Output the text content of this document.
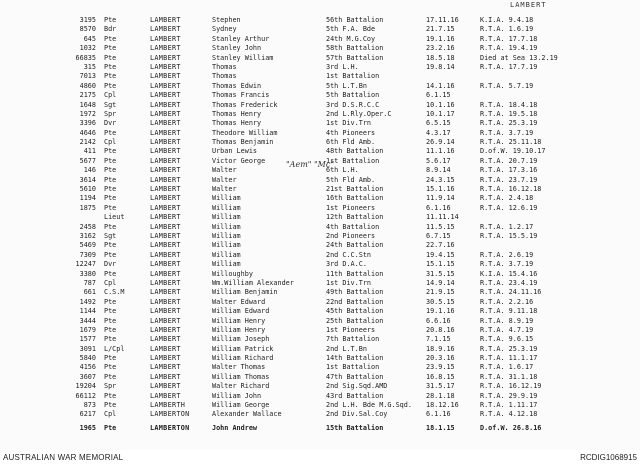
LAMBERT
3195 Pte	LAMBERT	Stephen	56th Battalion	17.11.16	K.I.A. 9.4.18
8570 Bdr	LAMBERT	Sydney	5th F.A. Bde	21.7.15	R.T.A. 1.6.19
645 Pte	LAMBERT	Stanley Arthur	24th M.G.Coy	19.1.16	R.T.A. 17.7.18
1032 Pte	LAMBERT	Stanley John	58th Battalion	23.2.16	R.T.A. 19.4.19
66835 Pte	LAMBERT	Stanley William	57th Battalion	18.5.18	Died at Sea 13.2.19
315 Pte	LAMBERT	Thomas	3rd L.H.	19.8.14	R.T.A. 17.7.19
7013 Pte	LAMBERT	Thomas	1st Battalion
4860 Pte	LAMBERT	Thomas Edwin	5th L.T.Bn	14.1.16	R.T.A. 5.7.19
2175 Cpl	LAMBERT	Thomas Francis	5th Battalion	6.1.15
1648 Sgt	LAMBERT	Thomas Frederick	3rd D.S.R.C.C	10.1.16	R.T.A. 18.4.18
1972 Spr	LAMBERT	Thomas Henry	2nd L.Rly.Oper.C	10.1.17	R.T.A. 19.5.18
3396 Dvr	LAMBERT	Thomas Henry	1st Div.Trn	6.5.15	R.T.A. 25.3.19
4646 Pte	LAMBERT	Theodore William	4th Pioneers	4.3.17	R.T.A. 3.7.19
2142 Cpl	LAMBERT	Thomas Benjamin	6th Fld Amb.	26.9.14	R.T.A. 25.11.18
411 Pte	LAMBERT	Urban Lewis	48th Battalion	11.1.16	D.of.W. 19.10.17
5677 Pte	LAMBERT	Victor George	1st Battalion	5.6.17	R.T.A. 20.7.19
146 Pte	LAMBERT	Walter	6th L.H.	8.9.14	R.T.A. 17.3.16
3614 Pte	LAMBERT	Walter	5th Fld Amb.	24.3.15	R.T.A. 23.7.19
5610 Pte	LAMBERT	Walter	21st Battalion	15.1.16	R.T.A. 16.12.18
1194 Pte	LAMBERT	William	16th Battalion	11.9.14	R.T.A. 2.4.18
1875 Pte	LAMBERT	William	1st Pioneers	6.1.16	R.T.A. 12.6.19
Lieut	LAMBERT	William	12th Battalion	11.11.14
2458 Pte	LAMBERT	William	4th Battalion	11.5.15	R.T.A. 1.2.17
3162 Sgt	LAMBERT	William	2nd Pioneers	6.7.15	R.T.A. 15.5.19
5469 Pte	LAMBERT	William	24th Battalion	22.7.16
7309 Pte	LAMBERT	William	2nd C.C.Stn	19.4.15	R.T.A. 2.6.19
12247 Dvr	LAMBERT	William	3rd D.A.C.	15.1.15	R.T.A. 3.7.19
3380 Pte	LAMBERT	Willoughby	11th Battalion	31.5.15	K.I.A. 15.4.16
787 Cpl	LAMBERT	Wm.William Alexander	1st Div.Trn	14.9.14	R.T.A. 23.4.19
661 C.S.M	LAMBERT	William Benjamin	49th Battalion	21.9.15	R.T.A. 24.11.16
1492 Pte	LAMBERT	Walter Edward	22nd Battalion	30.5.15	R.T.A. 2.2.16
1144 Pte	LAMBERT	William Edward	45th Battalion	19.1.16	R.T.A. 9.11.18
3444 Pte	LAMBERT	William Henry	25th Battalion	6.6.16	R.T.A. 8.9.19
1679 Pte	LAMBERT	William Henry	1st Pioneers	20.8.16	R.T.A. 4.7.19
1577 Pte	LAMBERT	William Joseph	7th Battalion	7.1.15	R.T.A. 9.6.15
3091 L/Cpl	LAMBERT	William Patrick	2nd L.T.Bn	18.9.16	R.T.A. 25.3.19
5840 Pte	LAMBERT	William Richard	14th Battalion	20.3.16	R.T.A. 11.1.17
4156 Pte	LAMBERT	Walter Thomas	1st Battalion	23.9.15	R.T.A. 1.6.17
3607 Pte	LAMBERT	William Thomas	47th Battalion	16.8.15	R.T.A. 31.1.18
19204 Spr	LAMBERT	Walter Richard	2nd Sig.Sqd.AMD	31.5.17	R.T.A. 16.12.19
66112 Pte	LAMBERT	William John	43rd Battalion	28.1.18	R.T.A. 29.9.19
873 Pte	LAMBERTH	William George	2nd L.H. Bde M.G.Sqd. 18.12.16	R.T.A. 1.11.17
6217 Cpl	LAMBERTON	Alexander Wallace	2nd Div.Sal.Coy	6.1.16	R.T.A. 4.12.18
1965 Pte	LAMBERTON	John Andrew	15th Battalion	18.1.15	D.of.W. 26.8.16
"Aem" "Mc"
AUSTRALIAN WAR MEMORIAL	RCDIG1068915
